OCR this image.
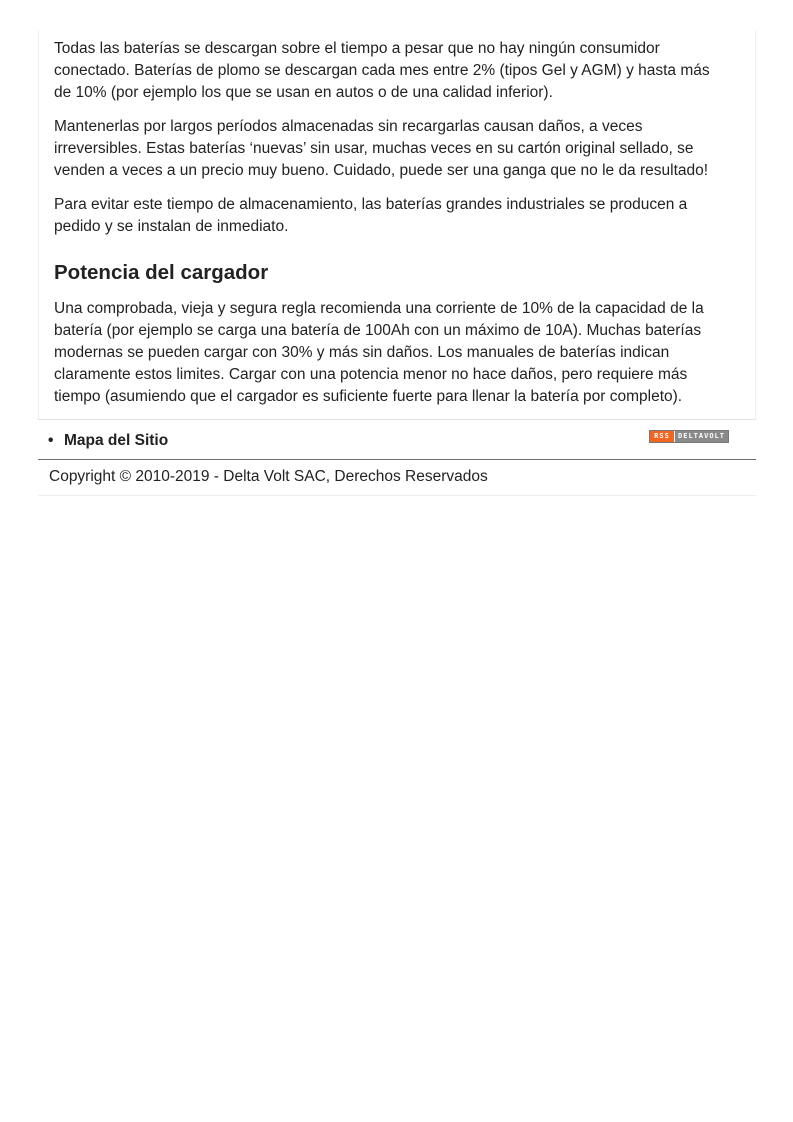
Todas las baterías se descargan sobre el tiempo a pesar que no hay ningún consumidor conectado. Baterías de plomo se descargan cada mes entre 2% (tipos Gel y AGM) y hasta más de 10% (por ejemplo los que se usan en autos o de una calidad inferior).

Mantenerlas por largos períodos almacenadas sin recargarlas causan daños, a veces irreversibles. Estas baterías ‘nuevas’ sin usar, muchas veces en su cartón original sellado, se venden a veces a un precio muy bueno. Cuidado, puede ser una ganga que no le da resultado!

Para evitar este tiempo de almacenamiento, las baterías grandes industriales se producen a pedido y se instalan de inmediato.

Potencia del cargador

Una comprobada, vieja y segura regla recomienda una corriente de 10% de la capacidad de la batería (por ejemplo se carga una batería de 100Ah con un máximo de 10A). Muchas baterías modernas se pueden cargar con 30% y más sin daños. Los manuales de baterías indican claramente estos limites. Cargar con una potencia menor no hace daños, pero requiere más tiempo (asumiendo que el cargador es suficiente fuerte para llenar la batería por completo).

• Mapa del Sitio	RSS	DELTAVOLT
Copyright © 2010-2019 - Delta Volt SAC, Derechos Reservados
